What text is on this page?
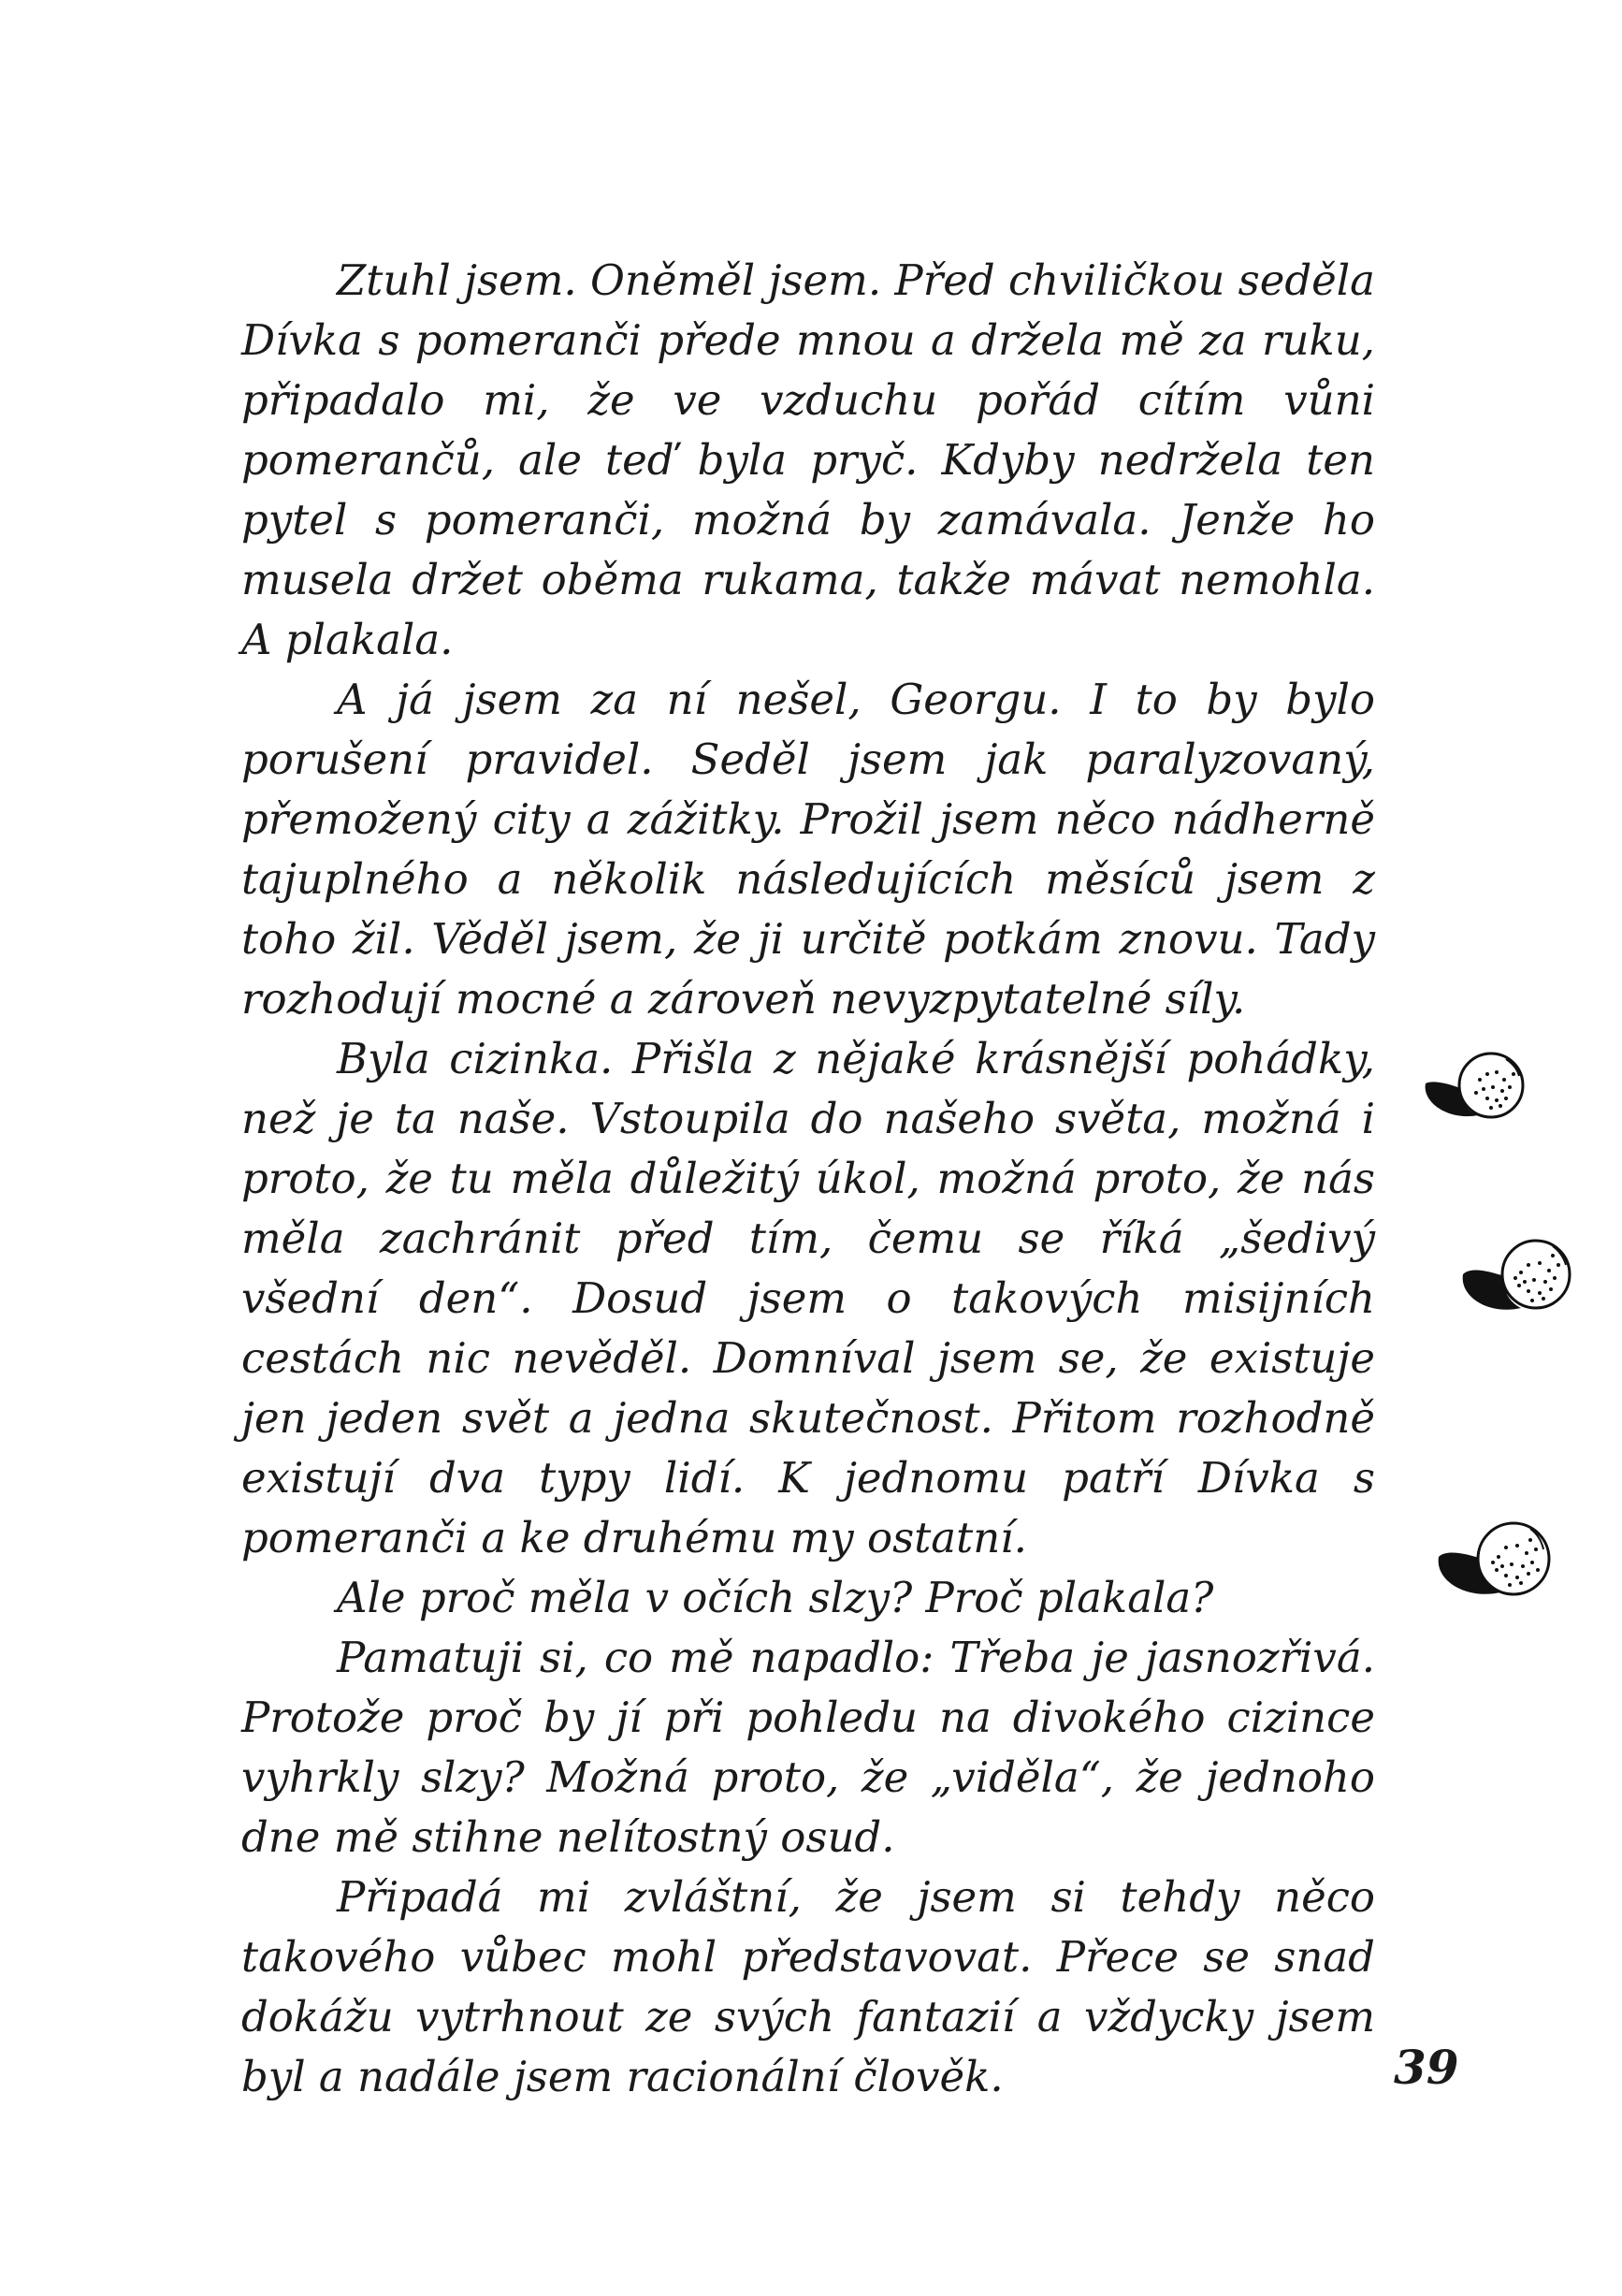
Ztuhl jsem. Oněměl jsem. Před chviličkou seděla Dívka s pomeranči přede mnou a držela mě za ruku, připadalo mi, že ve vzduchu pořád cítím vůni pomerančů, ale teď byla pryč. Kdyby nedržela ten pytel s pomeranči, možná by zamávala. Jenže ho musela držet oběma rukama, takže mávat nemohla. A plakala.

A já jsem za ní nešel, Georgu. I to by bylo porušení pravidel. Seděl jsem jak paralyzovaný, přemožený city a zážitky. Prožil jsem něco nádherně tajuplného a několik následujících měsíců jsem z toho žil. Věděl jsem, že ji určitě potkám znovu. Tady rozhodují mocné a zároveň nevyzpytatelné síly.

Byla cizinka. Přišla z nějaké krásnější pohádky, než je ta naše. Vstoupila do našeho světa, možná i proto, že tu měla důležitý úkol, možná proto, že nás měla zachránit před tím, čemu se říká „šedivý všední den“. Dosud jsem o takových misijních cestách nic nevěděl. Domníval jsem se, že existuje jen jeden svět a jedna skutečnost. Přitom rozhodně existují dva typy lidí. K jednomu patří Dívka s pomeranči a ke druhému my ostatní.

Ale proč měla v očích slzy? Proč plakala?

Pamatuji si, co mě napadlo: Třeba je jasnozřivá. Protože proč by jí při pohledu na divokého cizince vyhrkly slzy? Možná proto, že „viděla“, že jednoho dne mě stihne nelítostný osud.

Připadá mi zvláštní, že jsem si tehdy něco takového vůbec mohl představovat. Přece se snad dokážu vytrhnout ze svých fantazií a vždycky jsem byl a nadále jsem racionální člověk.	39
